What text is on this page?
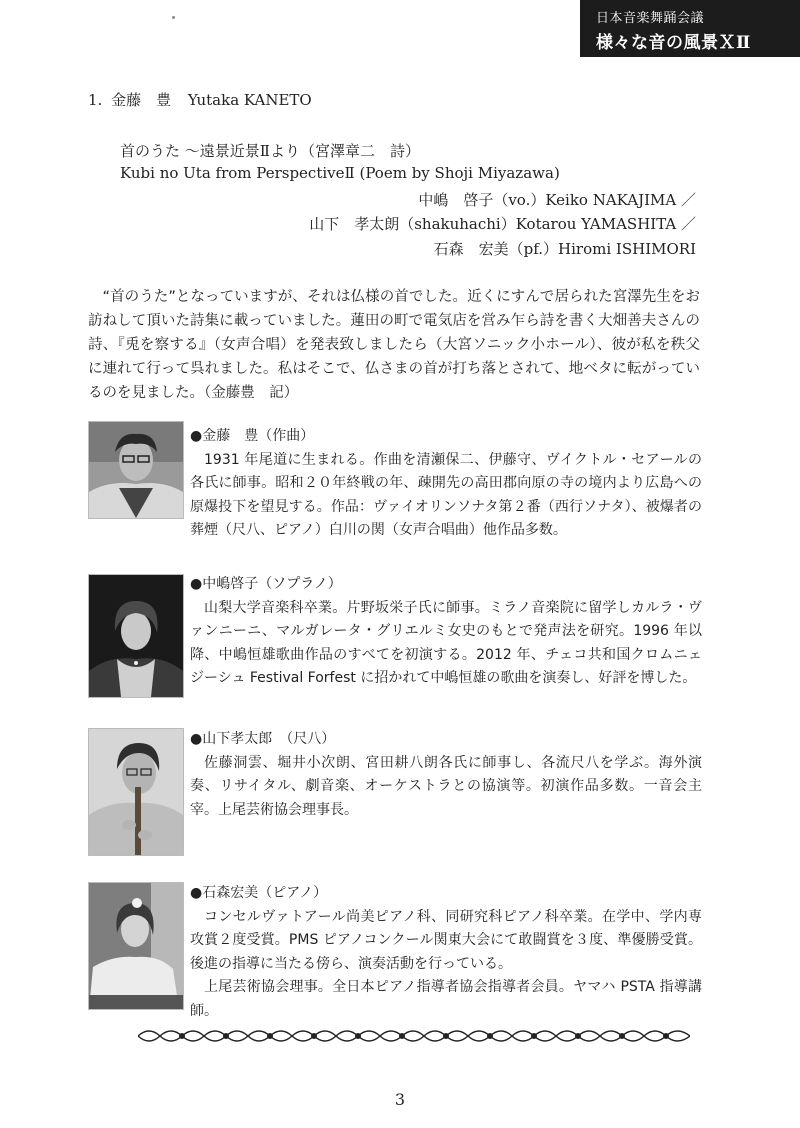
日本音楽舞踊会議
様々な音の風景ＸⅡ
1. 金藤　豊 Yutaka KANETO
首のうた ～遠景近景Ⅱより（宮澤章二　詩）
Kubi no Uta from PerspectiveⅡ (Poem by Shoji Miyazawa)
中嶋　啓子（vo.）Keiko NAKAJIMA ／
山下　孝太朗（shakuhachi）Kotarou YAMASHITA ／
石森　宏美（pf.）Hiromi ISHIMORI
“首のうた”となっていますが、それは仏様の首でした。近くにすんで居られた宮澤先生をお訪ねして頂いた詩集に載っていました。蓮田の町で電気店を営み乍ら詩を書く大畑善夫さんの詩、『兎を察する』（女声合唱）を発表致しましたら（大宮ソニック小ホール）、彼が私を秩父に連れて行って呉れました。私はそこで、仏さまの首が打ち落とされて、地べタに転がっているのを見ました。（金藤豊　記）
●金藤　豊（作曲）
1931 年尾道に生まれる。作曲を清瀬保二、伊藤守、ヴイクトル・セアールの各氏に師事。昭和２０年終戦の年、疎開先の高田郡向原の寺の境内より広島への原爆投下を望見する。作品：ヴァイオリンソナタ第２番（西行ソナタ）、被爆者の葬煙（尺八、ピアノ）白川の関（女声合唱曲）他作品多数。
●中嶋啓子（ソプラノ）
山梨大学音楽科卒業。片野坂栄子氏に師事。ミラノ音楽院に留学しカルラ・ヴァンニーニ、マルガレータ・グリエルミ女史のもとで発声法を研究。1996 年以降、中嶋恒雄歌曲作品のすべてを初演する。2012 年、チェコ共和国クロムニェジーシュ Festival Forfest に招かれて中嶋恒雄の歌曲を演奏し、好評を博した。
●山下孝太郎　（尺八）
佐藤洞雲、堀井小次朗、宮田耕八朗各氏に師事し、各流尺八を学ぶ。海外演奏、リサイタル、劇音楽、オーケストラとの協演等。初演作品多数。一音会主宰。上尾芸術協会理事長。
●石森宏美（ピアノ）
コンセルヴァトアール尚美ピアノ科、同研究科ピアノ科卒業。在学中、学内専攻賞２度受賞。PMS ピアノコンクール関東大会にて敢闘賞を３度、準優勝受賞。後進の指導に当たる傍ら、演奏活動を行っている。
上尾芸術協会理事。全日本ピアノ指導者協会指導者会員。ヤマハ PSTA 指導講師。
3
